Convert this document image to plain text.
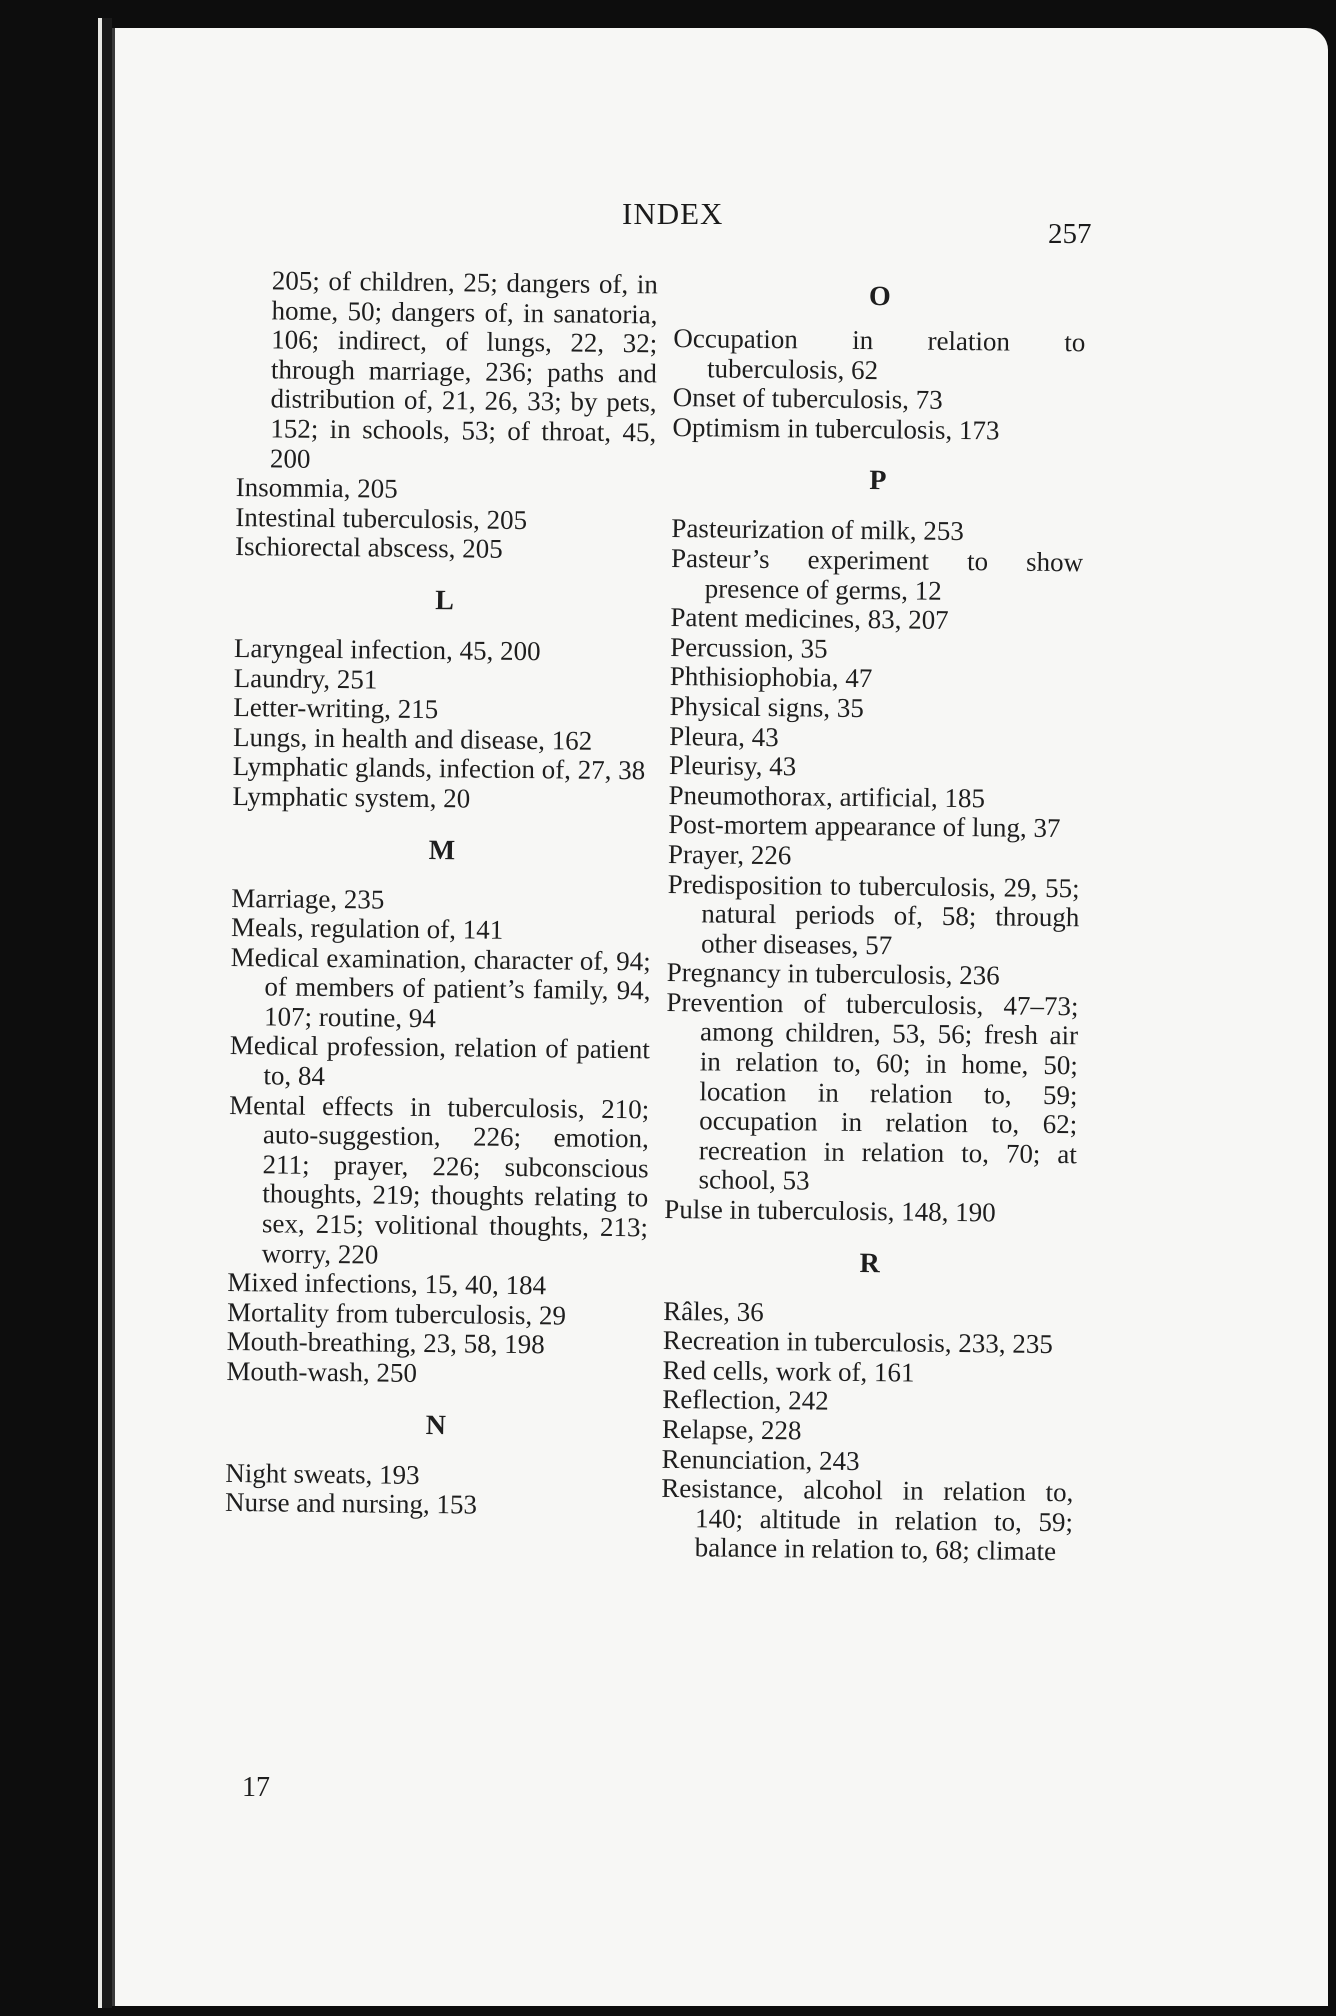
INDEX
257

205; of children, 25; dangers of, in home, 50; dangers of, in sanatoria, 106; indirect, of lungs, 22, 32; through marriage, 236; paths and distribution of, 21, 26, 33; by pets, 152; in schools, 53; of throat, 45, 200

Insommia, 205

Intestinal tuberculosis, 205

Ischiorectal abscess, 205

L

Laryngeal infection, 45, 200

Laundry, 251

Letter-writing, 215

Lungs, in health and disease, 162

Lymphatic glands, infection of, 27, 38

Lymphatic system, 20

M

Marriage, 235

Meals, regulation of, 141

Medical examination, character of, 94; of members of patient’s family, 94, 107; routine, 94

Medical profession, relation of patient to, 84

Mental effects in tuberculosis, 210; auto-suggestion, 226; emotion, 211; prayer, 226; subconscious thoughts, 219; thoughts relating to sex, 215; volitional thoughts, 213; worry, 220

Mixed infections, 15, 40, 184

Mortality from tuberculosis, 29

Mouth-breathing, 23, 58, 198

Mouth-wash, 250

N

Night sweats, 193

Nurse and nursing, 153

O

Occupation in relation to tuberculosis, 62

Onset of tuberculosis, 73

Optimism in tuberculosis, 173

P

Pasteurization of milk, 253

Pasteur’s experiment to show presence of germs, 12

Patent medicines, 83, 207

Percussion, 35

Phthisiophobia, 47

Physical signs, 35

Pleura, 43

Pleurisy, 43

Pneumothorax, artificial, 185

Post-mortem appearance of lung, 37

Prayer, 226

Predisposition to tuberculosis, 29, 55; natural periods of, 58; through other diseases, 57

Pregnancy in tuberculosis, 236

Prevention of tuberculosis, 47–73; among children, 53, 56; fresh air in relation to, 60; in home, 50; location in relation to, 59; occupation in relation to, 62; recreation in relation to, 70; at school, 53

Pulse in tuberculosis, 148, 190

R

Râles, 36

Recreation in tuberculosis, 233, 235

Red cells, work of, 161

Reflection, 242

Relapse, 228

Renunciation, 243

Resistance, alcohol in relation to, 140; altitude in relation to, 59; balance in relation to, 68; climate

17
